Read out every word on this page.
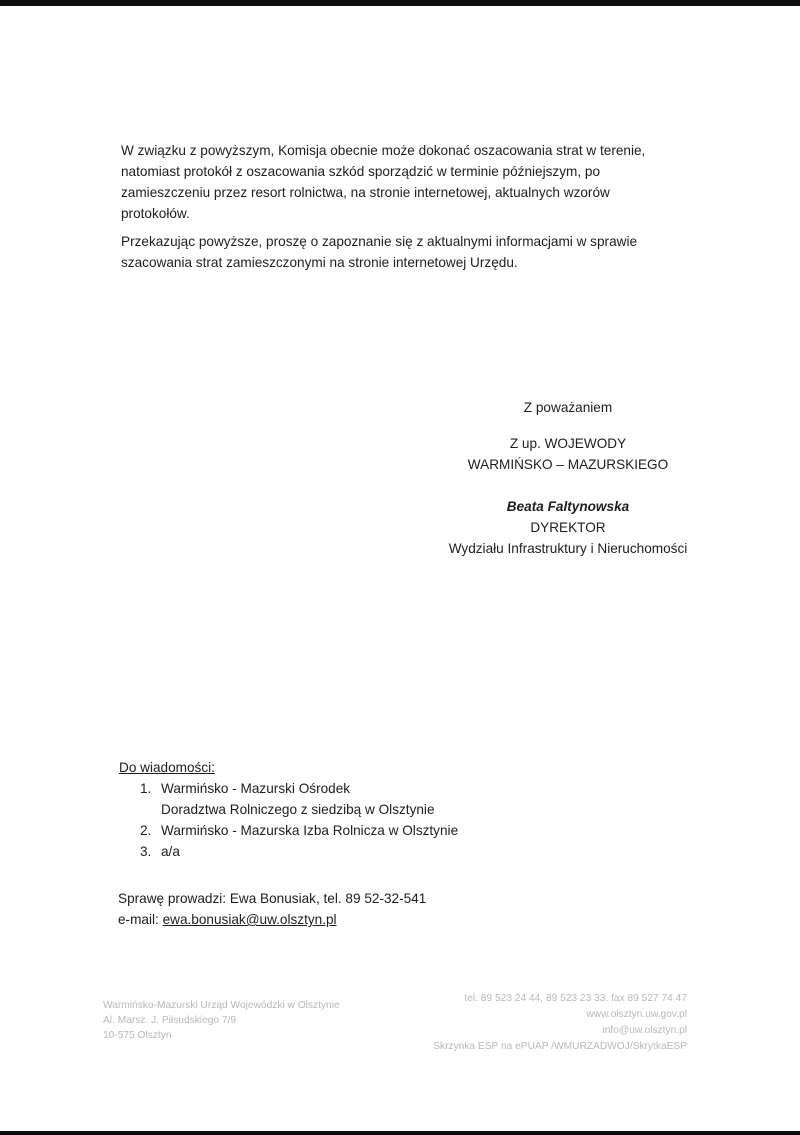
W związku z powyższym, Komisja obecnie może dokonać oszacowania strat w terenie,
natomiast protokół z oszacowania szkód sporządzić w terminie późniejszym, po
zamieszczeniu przez resort rolnictwa, na stronie internetowej, aktualnych wzorów
protokołów.

Przekazując powyższe, proszę o zapoznanie się z aktualnymi informacjami w sprawie
szacowania strat zamieszczonymi na stronie internetowej Urzędu.

Z poważaniem
Z up. WOJEWODY
WARMIŃSKO – MAZURSKIEGO
Beata Faltynowska
DYREKTOR
Wydziału Infrastruktury i Nieruchomości
Do wiadomości:
1. Warmińsko - Mazurski Ośrodek
Doradztwa Rolniczego z siedzibą w Olsztynie
2. Warmińsko - Mazurska Izba Rolnicza w Olsztynie
3. a/a
Sprawę prowadzi: Ewa Bonusiak, tel. 89 52-32-541
e-mail: ewa.bonusiak@uw.olsztyn.pl
Warmińsko-Mazurski Urząd Wojewódzki w Olsztynie
Al. Marsz. J. Piłsudskiego 7/9
10-575 Olsztyn
tel. 89 523 24 44, 89 523 23 33, fax 89 527 74 47
www.olsztyn.uw.gov.pl
info@uw.olsztyn.pl
Skrzynka ESP na ePUAP /WMURZADWOJ/SkrytkaESP
